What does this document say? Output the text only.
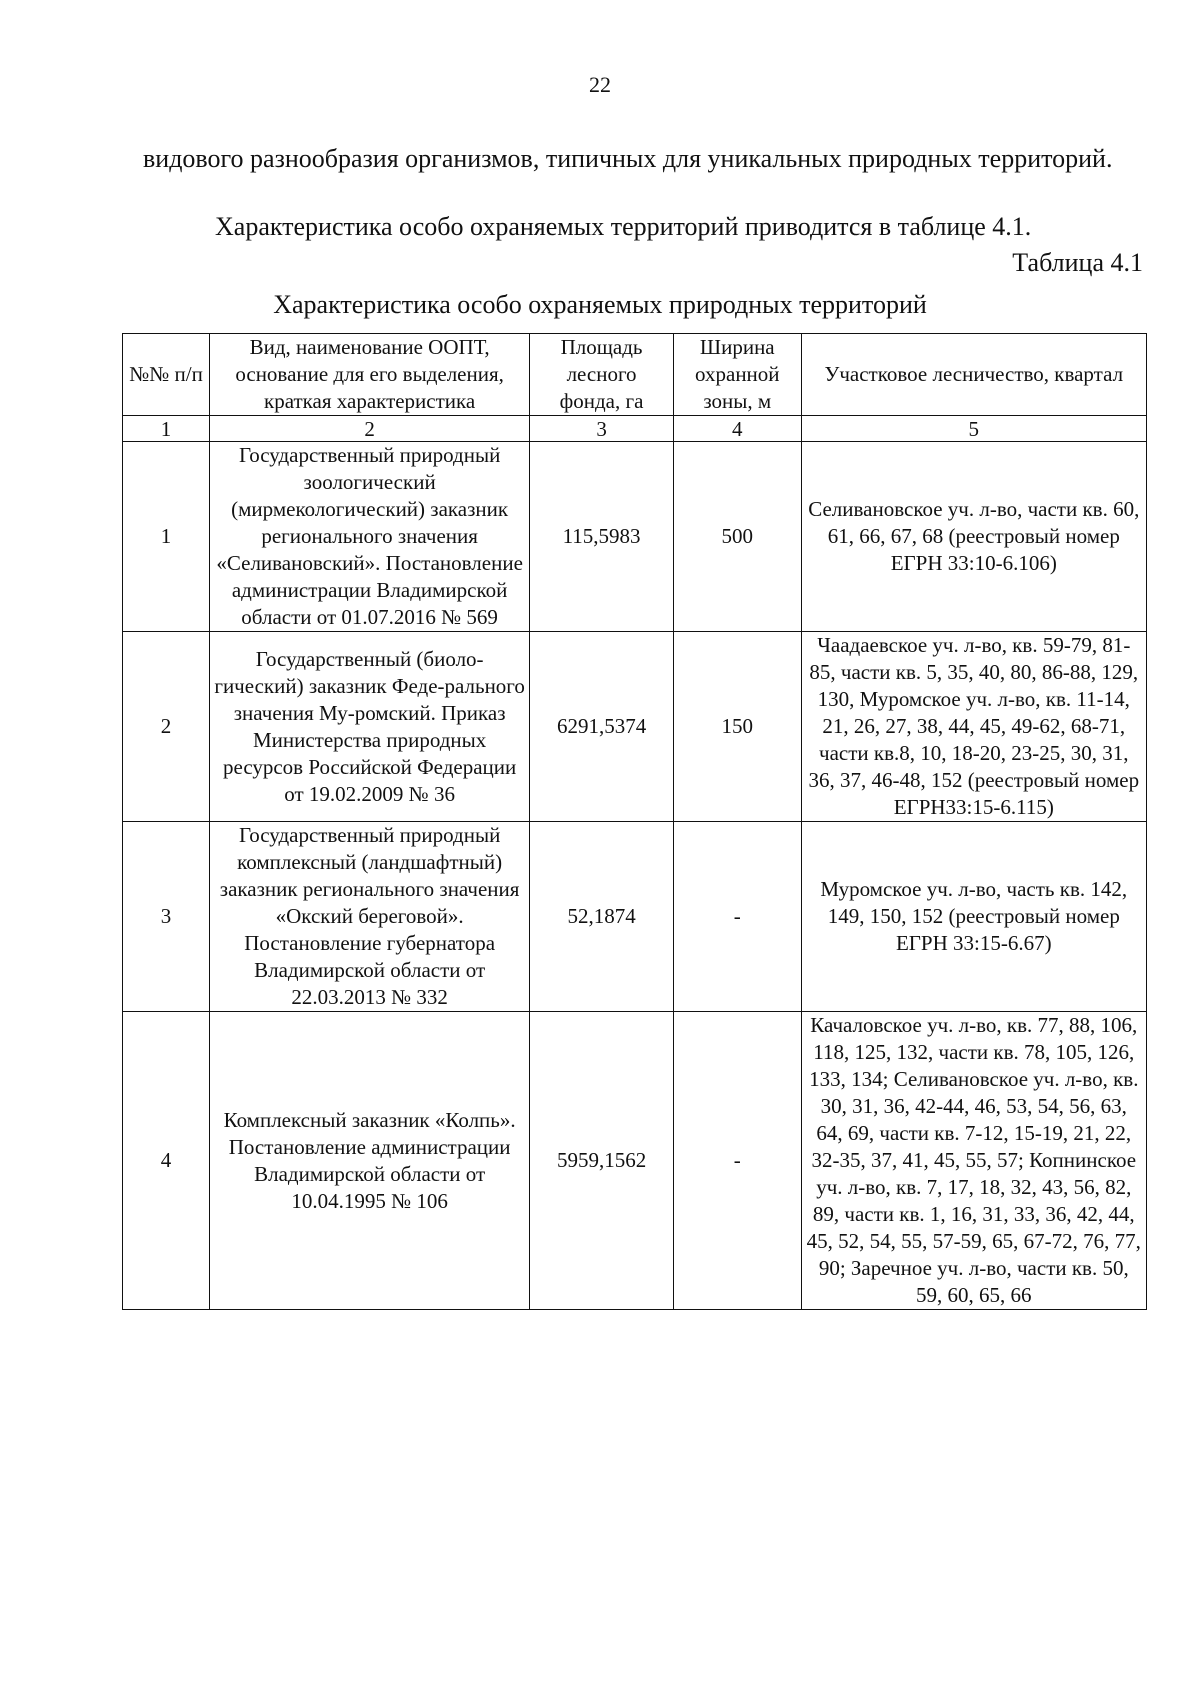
22

видового разнообразия организмов, типичных для уникальных природных территорий.

Характеристика особо охраняемых территорий приводится в таблице 4.1.

Таблица 4.1
Характеристика особо охраняемых природных территорий
№№ п/п	Вид, наименование ООПТ, основание для его выделения, краткая характеристика	Площадь лесного фонда, га	Ширина охранной зоны, м	Участковое лесничество, квартал
1	2	3	4	5
1	Государственный природный зоологический (мирмекологический) заказник регионального значения «Селивановский». Постановление администрации Владимирской области от 01.07.2016 № 569	115,5983	500	Селивановское уч. л-во, части кв. 60, 61, 66, 67, 68 (реестровый номер ЕГРН 33:10-6.106)
2	Государственный (биоло-гический) заказник Феде-рального значения Му-ромский. Приказ Министерства природных ресурсов Российской Федерации от 19.02.2009 № 36	6291,5374	150	Чаадаевское уч. л-во, кв. 59-79, 81-85, части кв. 5, 35, 40, 80, 86-88, 129, 130, Муромское уч. л-во, кв. 11-14, 21, 26, 27, 38, 44, 45, 49-62, 68-71, части кв.8, 10, 18-20, 23-25, 30, 31, 36, 37, 46-48, 152 (реестровый номер ЕГРН33:15-6.115)
3	Государственный природный комплексный (ландшафтный) заказник регионального значения «Окский береговой». Постановление губернатора Владимирской области от 22.03.2013 № 332	52,1874	-	Муромское уч. л-во, часть кв. 142, 149, 150, 152 (реестровый номер ЕГРН 33:15-6.67)
4	Комплексный заказник «Колпь». Постановление администрации Владимирской области от 10.04.1995 № 106	5959,1562	-	Качаловское уч. л-во, кв. 77, 88, 106, 118, 125, 132, части кв. 78, 105, 126, 133, 134; Селивановское уч. л-во, кв. 30, 31, 36, 42-44, 46, 53, 54, 56, 63, 64, 69, части кв. 7-12, 15-19, 21, 22, 32-35, 37, 41, 45, 55, 57; Копнинское уч. л-во, кв. 7, 17, 18, 32, 43, 56, 82, 89, части кв. 1, 16, 31, 33, 36, 42, 44, 45, 52, 54, 55, 57-59, 65, 67-72, 76, 77, 90; Заречное уч. л-во, части кв. 50, 59, 60, 65, 66
